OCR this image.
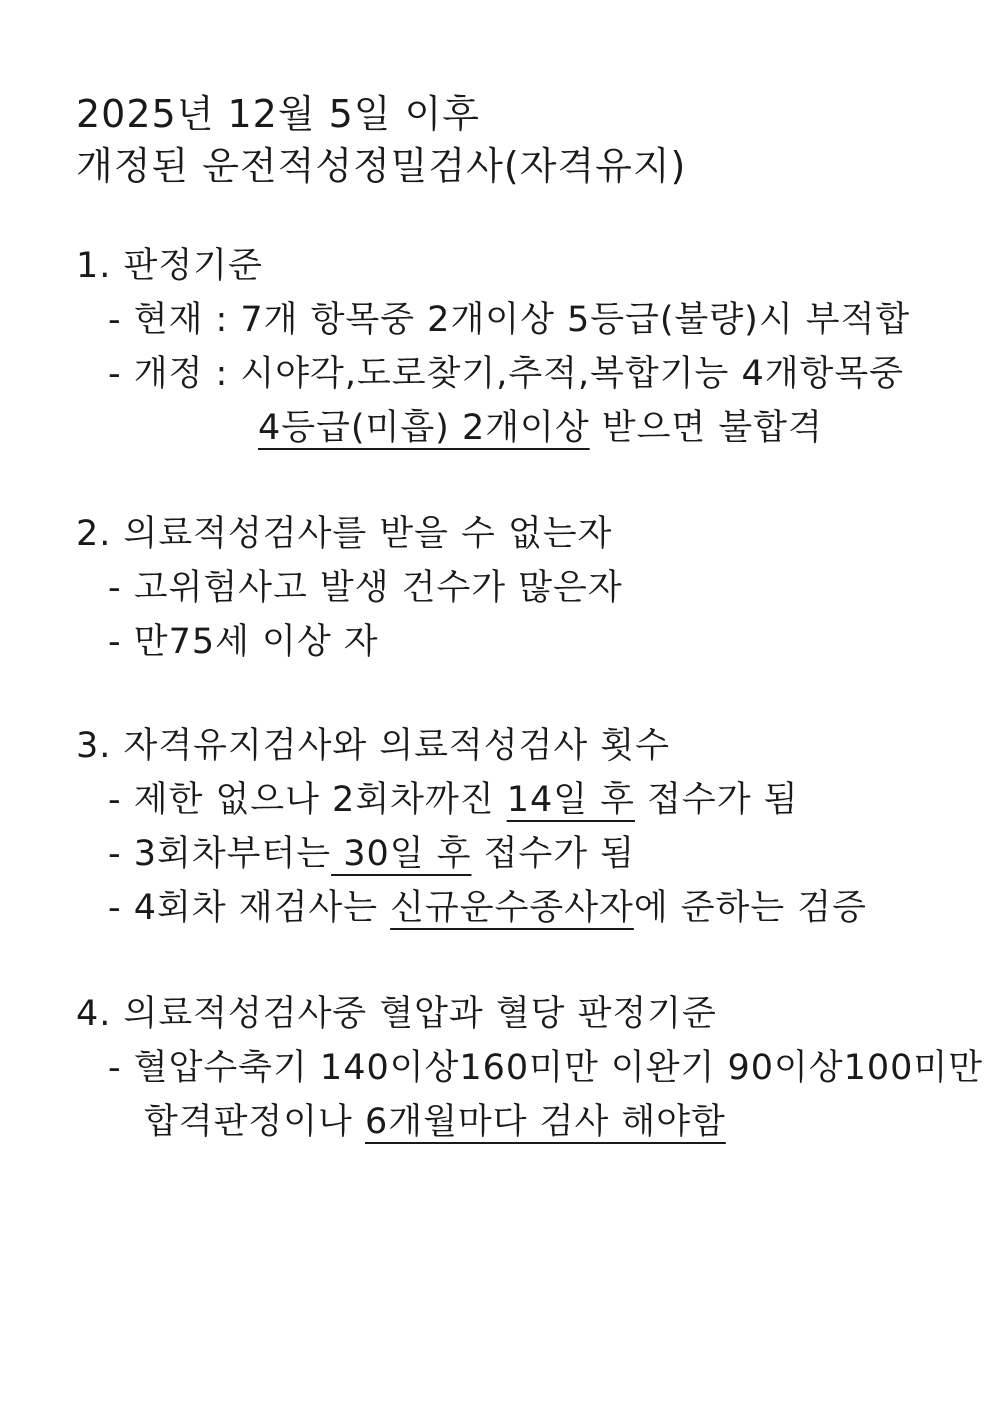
2025년 12월 5일 이후
개정된 운전적성정밀검사(자격유지)
1. 판정기준
- 현재 : 7개 항목중 2개이상 5등급(불량)시 부적합
- 개정 : 시야각,도로찾기,추적,복합기능 4개항목중
4등급(미흡) 2개이상 받으면 불합격
2. 의료적성검사를 받을 수 없는자
- 고위험사고 발생 건수가 많은자
- 만75세 이상 자
3. 자격유지검사와 의료적성검사 횟수
- 제한 없으나 2회차까진 14일 후 접수가 됨
- 3회차부터는 30일 후 접수가 됨
- 4회차 재검사는 신규운수종사자에 준하는 검증
4. 의료적성검사중 혈압과 혈당 판정기준
- 혈압수축기 140이상160미만 이완기 90이상100미만
합격판정이나 6개월마다 검사 해야함
